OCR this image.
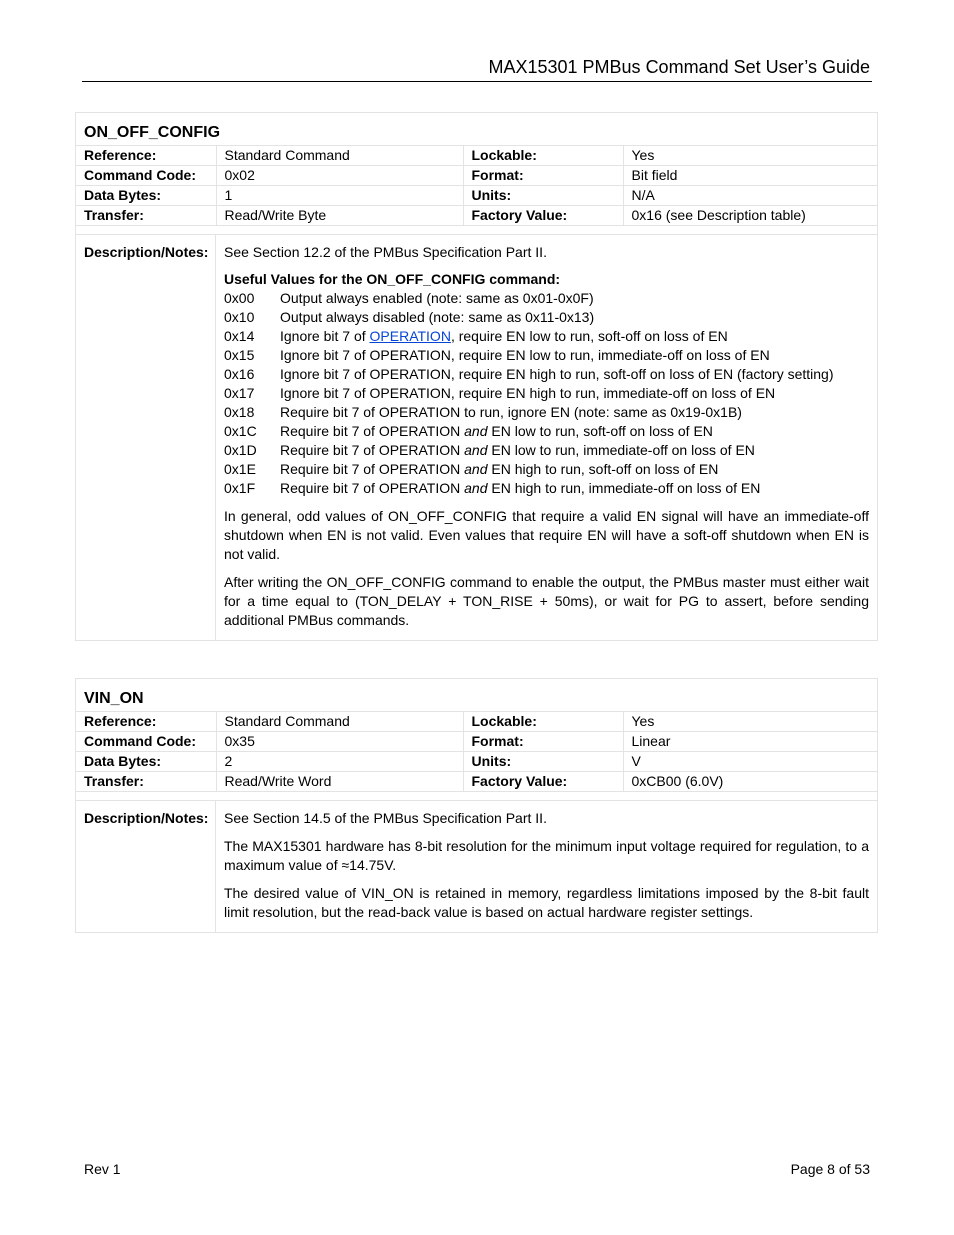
MAX15301 PMBus Command Set User’s Guide
ON_OFF_CONFIG
Reference:	Standard Command	Lockable:	Yes
Command Code:	0x02	Format:	Bit field
Data Bytes:	1	Units:	N/A
Transfer:	Read/Write Byte	Factory Value:	0x16 (see Description table)
Description/Notes:	See Section 12.2 of the PMBus Specification Part II.
Useful Values for the ON_OFF_CONFIG command:
0x00	Output always enabled (note: same as 0x01-0x0F)
0x10	Output always disabled (note: same as 0x11-0x13)
0x14	Ignore bit 7 of OPERATION, require EN low to run, soft-off on loss of EN
0x15	Ignore bit 7 of OPERATION, require EN low to run, immediate-off on loss of EN
0x16	Ignore bit 7 of OPERATION, require EN high to run, soft-off on loss of EN (factory setting)
0x17	Ignore bit 7 of OPERATION, require EN high to run, immediate-off on loss of EN
0x18	Require bit 7 of OPERATION to run, ignore EN (note: same as 0x19-0x1B)
0x1C	Require bit 7 of OPERATION and EN low to run, soft-off on loss of EN
0x1D	Require bit 7 of OPERATION and EN low to run, immediate-off on loss of EN
0x1E	Require bit 7 of OPERATION and EN high to run, soft-off on loss of EN
0x1F	Require bit 7 of OPERATION and EN high to run, immediate-off on loss of EN

In general, odd values of ON_OFF_CONFIG that require a valid EN signal will have an immediate-off shutdown when EN is not valid. Even values that require EN will have a soft-off shutdown when EN is not valid.

After writing the ON_OFF_CONFIG command to enable the output, the PMBus master must either wait for a time equal to (TON_DELAY + TON_RISE + 50ms), or wait for PG to assert, before sending additional PMBus commands.

VIN_ON
Reference:	Standard Command	Lockable:	Yes
Command Code:	0x35	Format:	Linear
Data Bytes:	2	Units:	V
Transfer:	Read/Write Word	Factory Value:	0xCB00 (6.0V)
Description/Notes:	See Section 14.5 of the PMBus Specification Part II.

The MAX15301 hardware has 8-bit resolution for the minimum input voltage required for regulation, to a maximum value of ≈14.75V.

The desired value of VIN_ON is retained in memory, regardless limitations imposed by the 8-bit fault limit resolution, but the read-back value is based on actual hardware register settings.

Rev 1	Page 8 of 53
